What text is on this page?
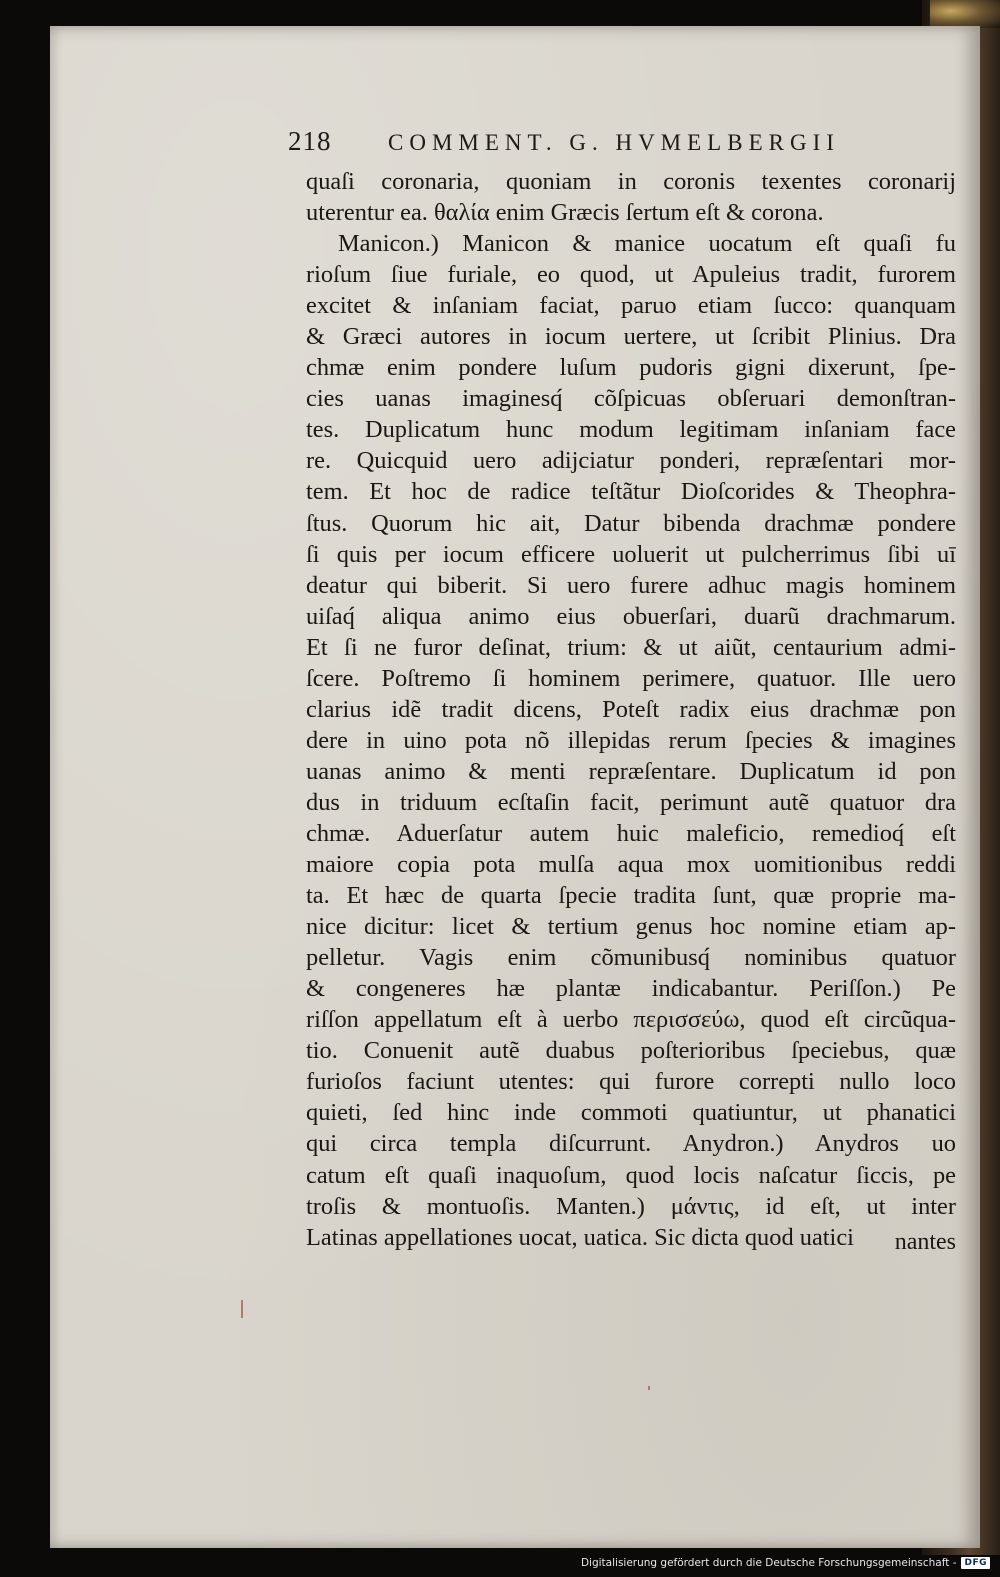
218	COMMENT. G. HVMELBERGII
quaſi coronaria, quoniam in coronis texentes coronarij
uterentur ea. θαλία enim Græcis ſertum eſt & corona.
Manicon.) Manicon & manice uocatum eſt quaſi fu
rioſum ſiue furiale, eo quod, ut Apuleius tradit, furorem
excitet & inſaniam faciat, paruo etiam ſucco: quanquam
& Græci autores in iocum uertere, ut ſcribit Plinius. Dra
chmæ enim pondere luſum pudoris gigni dixerunt, ſpe-
cies uanas imaginesq́ cõſpicuas obſeruari demonſtran-
tes. Duplicatum hunc modum legitimam inſaniam face
re. Quicquid uero adijciatur ponderi, repræſentari mor-
tem. Et hoc de radice teſtãtur Dioſcorides & Theophra-
ſtus. Quorum hic ait, Datur bibenda drachmæ pondere
ſi quis per iocum efficere uoluerit ut pulcherrimus ſibi uī
deatur qui biberit. Si uero furere adhuc magis hominem
uiſaq́ aliqua animo eius obuerſari, duarũ drachmarum.
Et ſi ne furor deſinat, trium: & ut aiũt, centaurium admi-
ſcere. Poſtremo ſi hominem perimere, quatuor. Ille uero
clarius idẽ tradit dicens, Poteſt radix eius drachmæ pon
dere in uino pota nõ illepidas rerum ſpecies & imagines
uanas animo & menti repræſentare. Duplicatum id pon
dus in triduum ecſtaſin facit, perimunt autẽ quatuor dra
chmæ. Aduerſatur autem huic maleficio, remedioq́ eſt
maiore copia pota mulſa aqua mox uomitionibus reddi
ta. Et hæc de quarta ſpecie tradita ſunt, quæ proprie ma-
nice dicitur: licet & tertium genus hoc nomine etiam ap-
pelletur. Vagis enim cõmunibusq́ nominibus quatuor
& congeneres hæ plantæ indicabantur. Periſſon.) Pe
riſſon appellatum eſt à uerbo περισσεύω, quod eſt circũqua-
tio. Conuenit autẽ duabus poſterioribus ſpeciebus, quæ
furioſos faciunt utentes: qui furore correpti nullo loco
quieti, ſed hinc inde commoti quatiuntur, ut phanatici
qui circa templa diſcurrunt. Anydron.) Anydros uo
catum eſt quaſi inaquoſum, quod locis naſcatur ſiccis, pe
troſis & montuoſis. Manten.) μάντις, id eſt, ut inter
Latinas appellationes uocat, uatica. Sic dicta quod uatici	nantes
Digitalisierung gefördert durch die Deutsche Forschungsgemeinschaft - DFG
